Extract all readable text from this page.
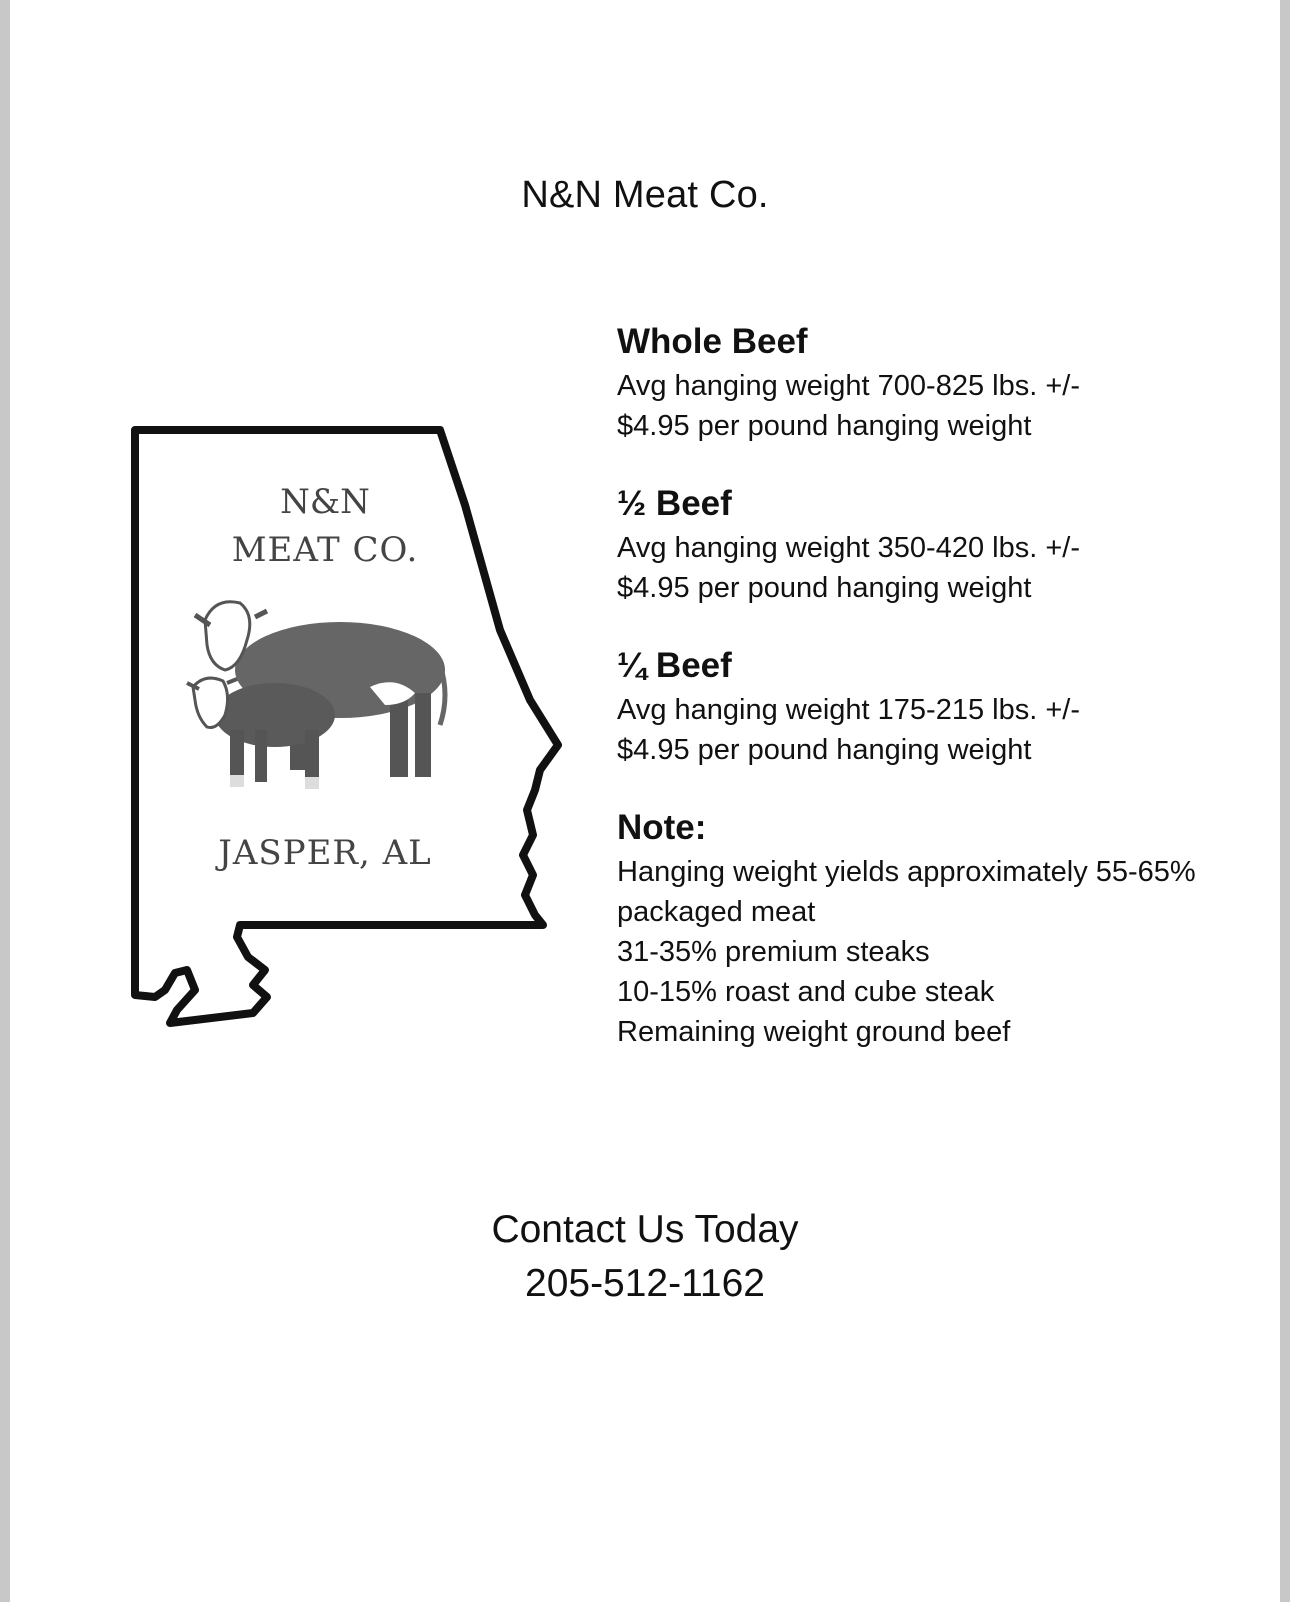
N&N Meat Co.
N&N
MEAT CO.
JASPER, AL
Whole Beef
Avg hanging weight 700-825 lbs. +/-
$4.95 per pound hanging weight
½ Beef
Avg hanging weight 350-420 lbs. +/-
$4.95 per pound hanging weight
¼ Beef
Avg hanging weight 175-215 lbs. +/-
$4.95 per pound hanging weight
Note:
Hanging weight yields approximately 55-65%
packaged meat
31-35% premium steaks
10-15% roast and cube steak
Remaining weight ground beef
Contact Us Today
205-512-1162
